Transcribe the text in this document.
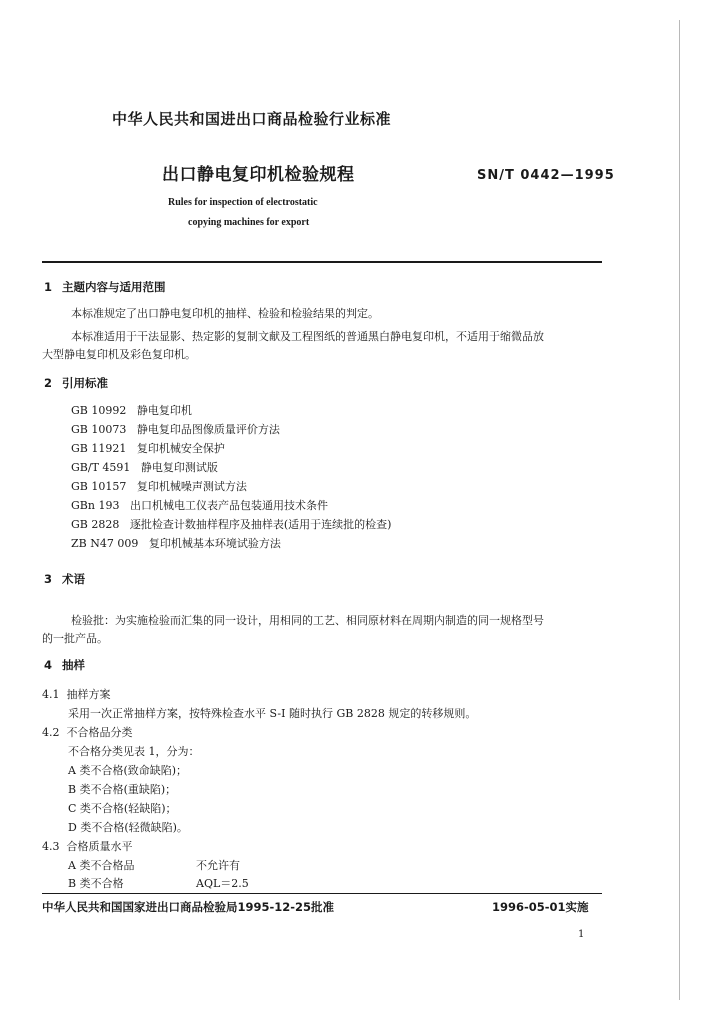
中华人民共和国进出口商品检验行业标准
出口静电复印机检验规程	SN/T 0442—1995
Rules for inspection of electrostatic
copying machines for export
1 主题内容与适用范围
本标准规定了出口静电复印机的抽样、检验和检验结果的判定。
本标准适用于干法显影、热定影的复制文献及工程图纸的普通黑白静电复印机，不适用于缩微品放
大型静电复印机及彩色复印机。
2 引用标准
GB 10992 静电复印机
GB 10073 静电复印品图像质量评价方法
GB 11921 复印机械安全保护
GB/T 4591 静电复印测试版
GB 10157 复印机械噪声测试方法
GBn 193 出口机械电工仪表产品包装通用技术条件
GB 2828 逐批检查计数抽样程序及抽样表(适用于连续批的检查)
ZB N47 009 复印机械基本环境试验方法
3 术语
检验批：为实施检验而汇集的同一设计，用相同的工艺、相同原材料在周期内制造的同一规格型号
的一批产品。
4 抽样
4.1 抽样方案
采用一次正常抽样方案，按特殊检查水平 S-I 随时执行 GB 2828 规定的转移规则。
4.2 不合格品分类
不合格分类见表 1，分为：
A 类不合格(致命缺陷)；
B 类不合格(重缺陷)；
C 类不合格(轻缺陷)；
D 类不合格(轻微缺陷)。
4.3 合格质量水平
A 类不合格品	不允许有
B 类不合格	AQL＝2.5
中华人民共和国国家进出口商品检验局1995-12-25批准	1996-05-01实施
1
